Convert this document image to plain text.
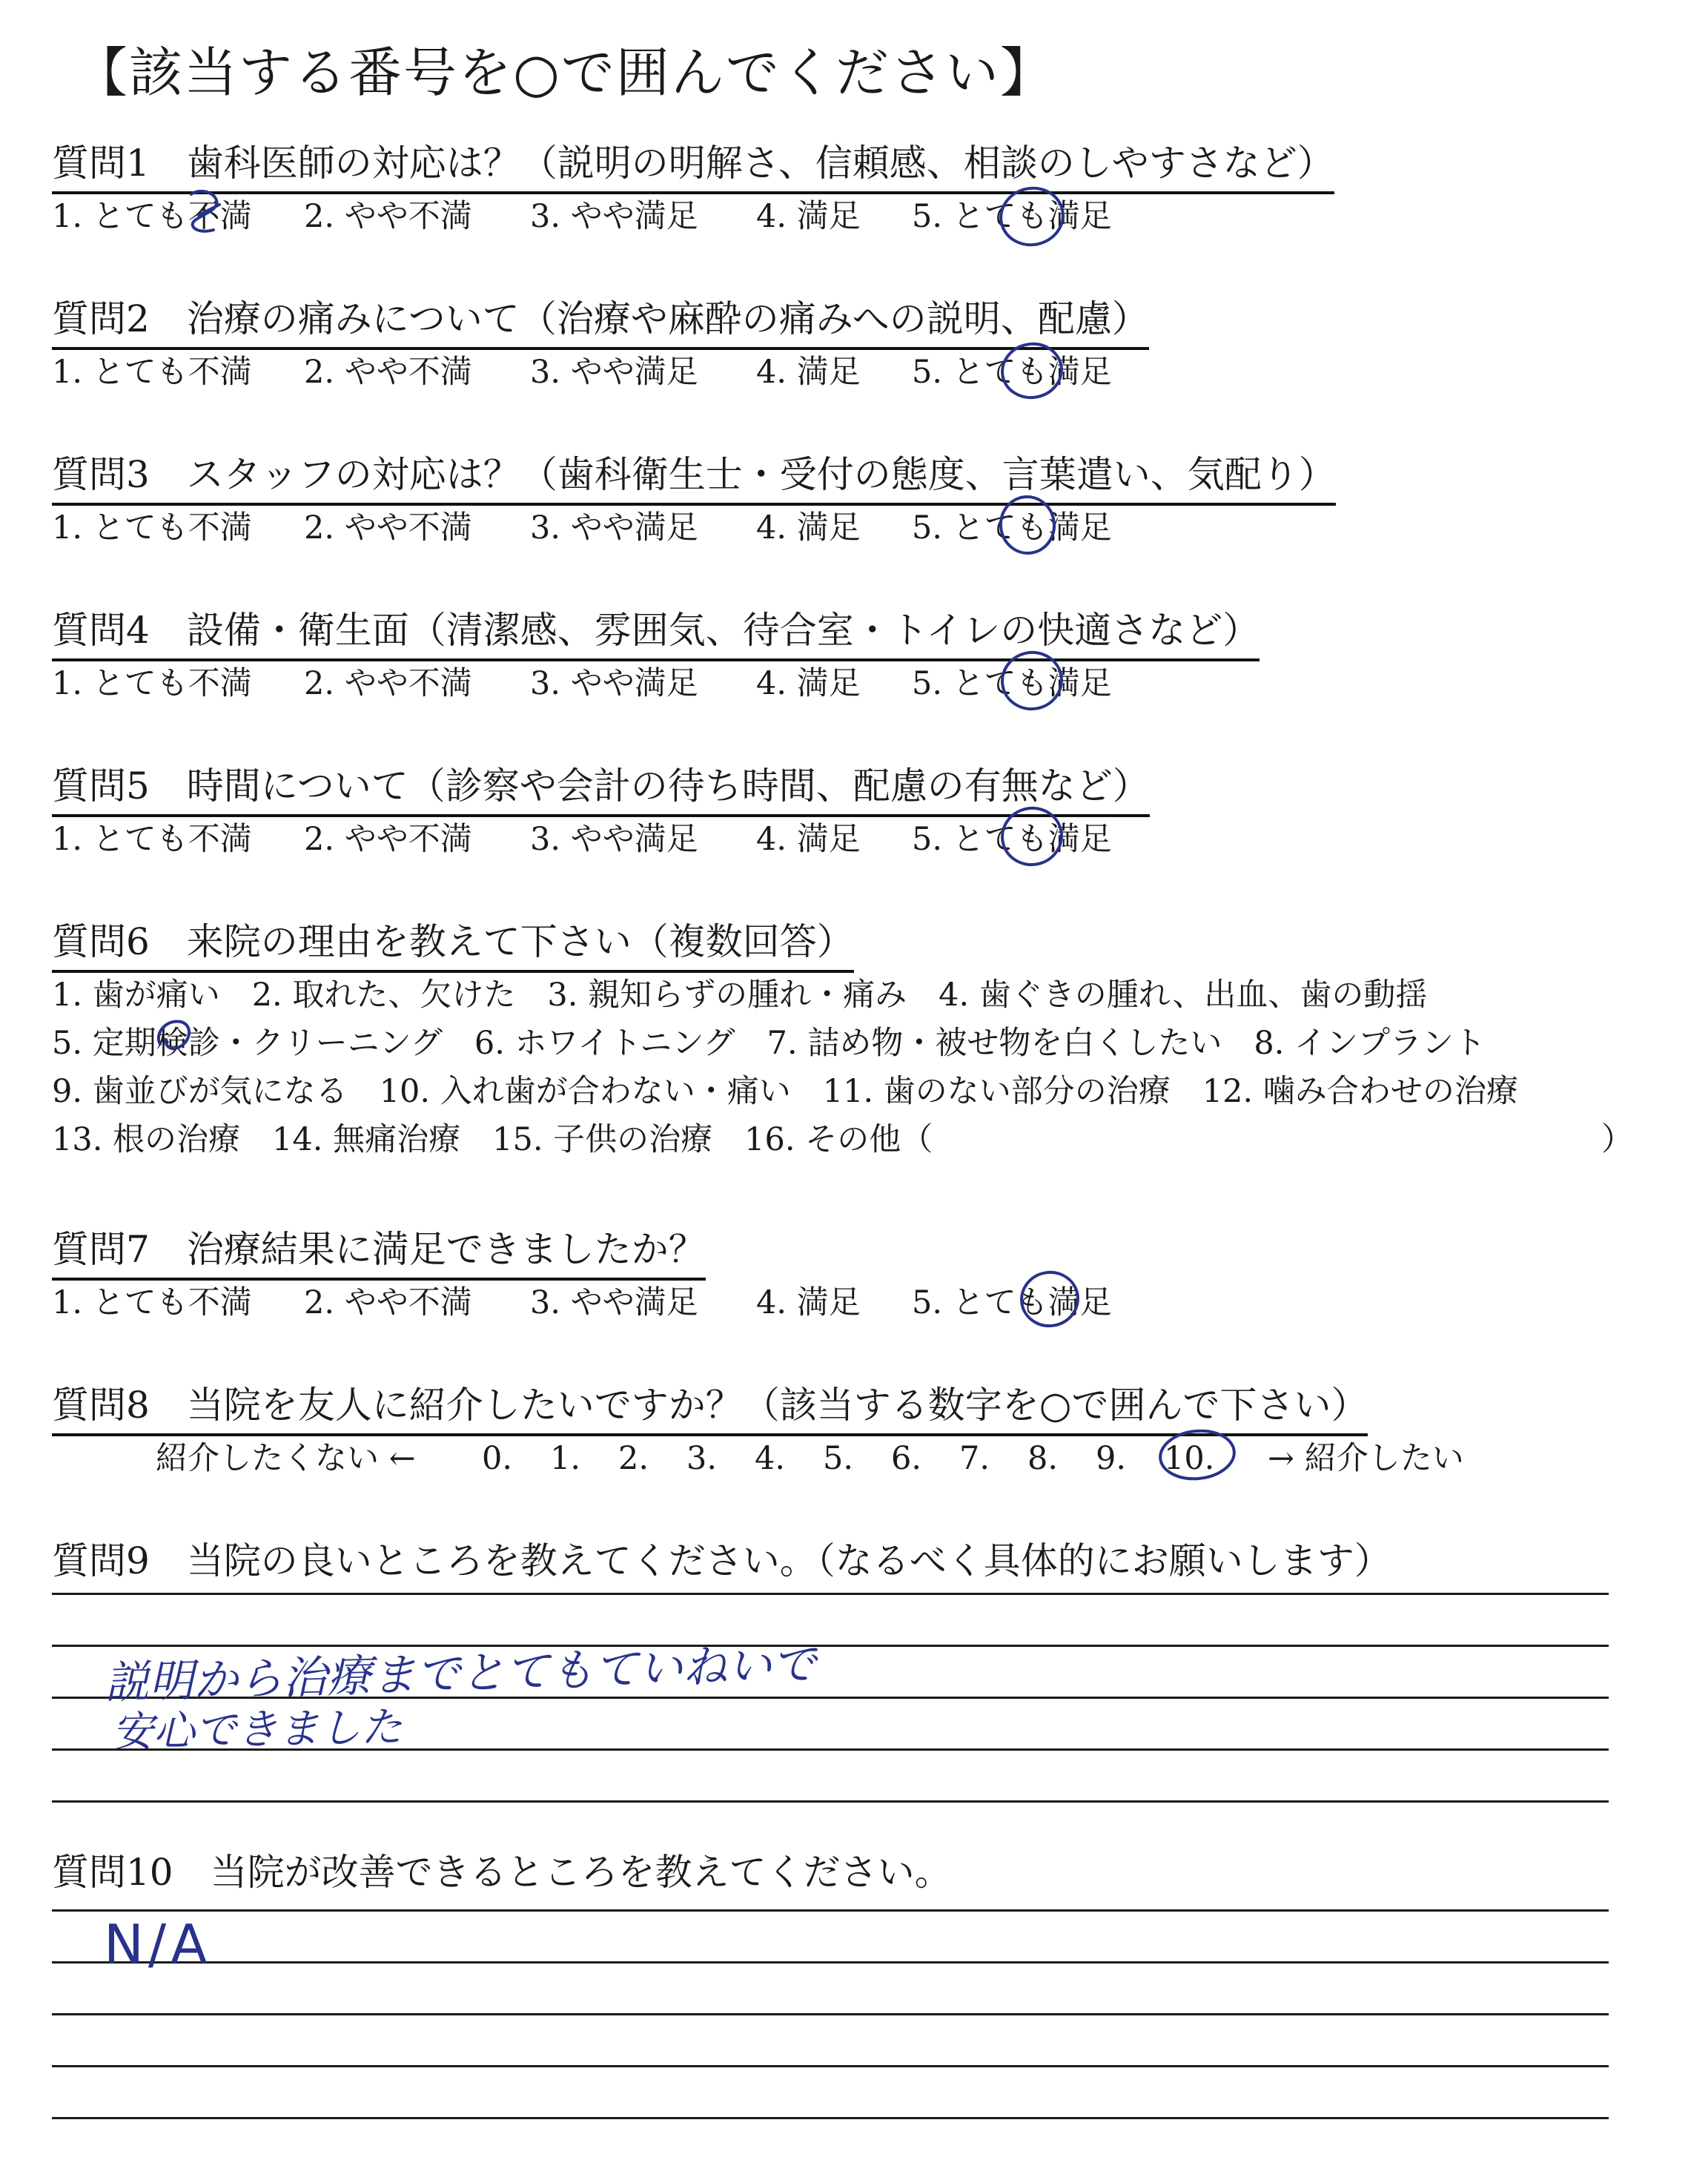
【該当する番号を○で囲んでください】
質問1　歯科医師の対応は？（説明の明解さ、信頼感、相談のしやすさなど）
1. とても不満 2. やや不満 3. やや満足 4. 満足 5. とても満足
質問2　治療の痛みについて（治療や麻酔の痛みへの説明、配慮）
1. とても不満 2. やや不満 3. やや満足 4. 満足 5. とても満足
質問3　スタッフの対応は？（歯科衛生士・受付の態度、言葉遣い、気配り）
1. とても不満 2. やや不満 3. やや満足 4. 満足 5. とても満足
質問4　設備・衛生面（清潔感、雰囲気、待合室・トイレの快適さなど）
1. とても不満 2. やや不満 3. やや満足 4. 満足 5. とても満足
質問5　時間について（診察や会計の待ち時間、配慮の有無など）
1. とても不満 2. やや不満 3. やや満足 4. 満足 5. とても満足
質問6　来院の理由を教えて下さい（複数回答）
1. 歯が痛い　2. 取れた、欠けた　3. 親知らずの腫れ・痛み　4. 歯ぐきの腫れ、出血、歯の動揺
5. 定期検診・クリーニング　6. ホワイトニング　7. 詰め物・被せ物を白くしたい　8. インプラント
9. 歯並びが気になる　10. 入れ歯が合わない・痛い　11. 歯のない部分の治療　12. 噛み合わせの治療
13. 根の治療　14. 無痛治療　15. 子供の治療　16. その他（	）
質問7　治療結果に満足できましたか？
1. とても不満 2. やや不満 3. やや満足 4. 満足 5. とても満足
質問8　当院を友人に紹介したいですか？（該当する数字を○で囲んで下さい）
紹介したくない ← 0. 1. 2. 3. 4. 5. 6. 7. 8. 9. 10. → 紹介したい
質問9　当院の良いところを教えてください。（なるべく具体的にお願いします）
説明から治療までとてもていねいで
安心できました
質問10　当院が改善できるところを教えてください。
N/A
